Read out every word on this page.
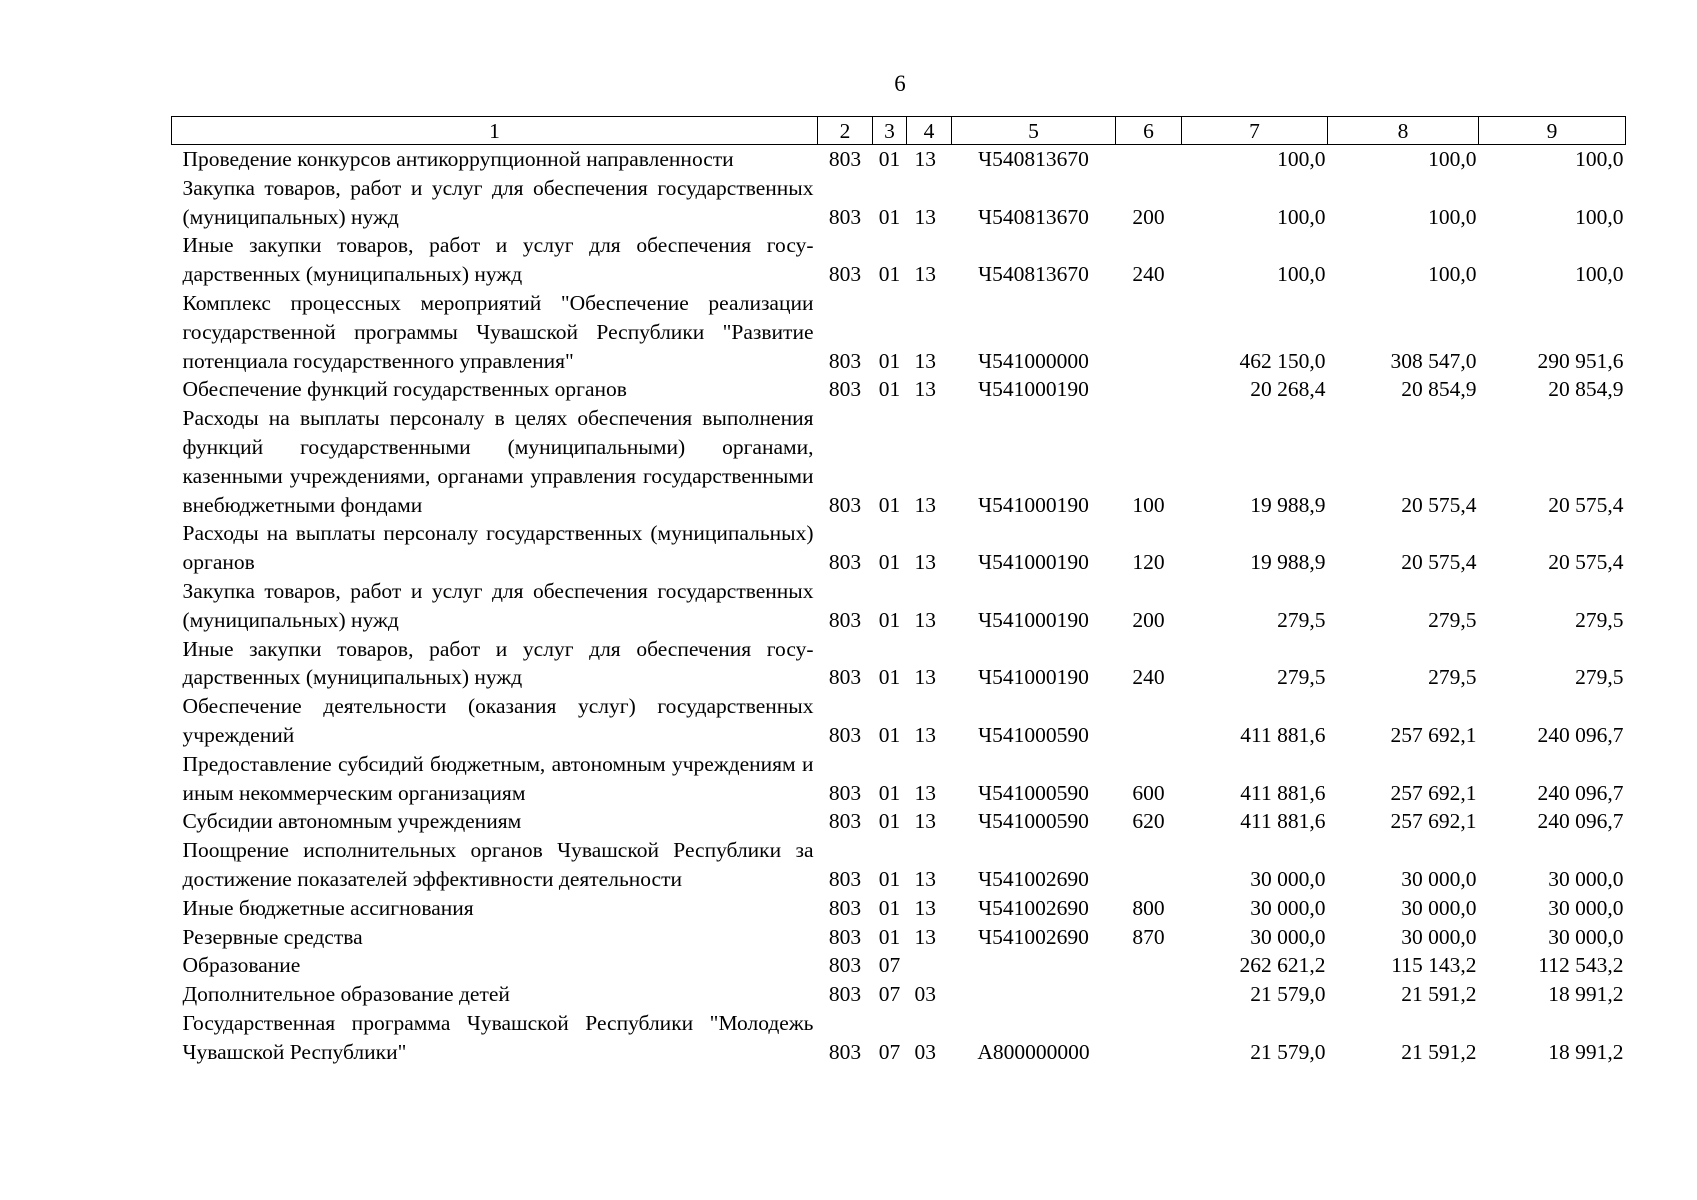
6
1	2	3	4	5	6	7	8	9
Проведение конкурсов антикоррупционной направленности	803	01	13	Ч540813670		100,0	100,0	100,0
Закупка товаров, работ и услуг для обеспечения государственных (муниципальных) нужд	803	01	13	Ч540813670	200	100,0	100,0	100,0
Иные закупки товаров, работ и услуг для обеспечения государственных (муниципальных) нужд	803	01	13	Ч540813670	240	100,0	100,0	100,0
Комплекс процессных мероприятий "Обеспечение реализации государственной программы Чувашской Республики "Развитие потенциала государственного управления"	803	01	13	Ч541000000		462 150,0	308 547,0	290 951,6
Обеспечение функций государственных органов	803	01	13	Ч541000190		20 268,4	20 854,9	20 854,9
Расходы на выплаты персоналу в целях обеспечения выполнения функций государственными (муниципальными) органами, казенными учреждениями, органами управления государственными внебюджетными фондами	803	01	13	Ч541000190	100	19 988,9	20 575,4	20 575,4
Расходы на выплаты персоналу государственных (муниципальных) органов	803	01	13	Ч541000190	120	19 988,9	20 575,4	20 575,4
Закупка товаров, работ и услуг для обеспечения государственных (муниципальных) нужд	803	01	13	Ч541000190	200	279,5	279,5	279,5
Иные закупки товаров, работ и услуг для обеспечения государственных (муниципальных) нужд	803	01	13	Ч541000190	240	279,5	279,5	279,5
Обеспечение деятельности (оказания услуг) государственных учреждений	803	01	13	Ч541000590		411 881,6	257 692,1	240 096,7
Предоставление субсидий бюджетным, автономным учреждениям и иным некоммерческим организациям	803	01	13	Ч541000590	600	411 881,6	257 692,1	240 096,7
Субсидии автономным учреждениям	803	01	13	Ч541000590	620	411 881,6	257 692,1	240 096,7
Поощрение исполнительных органов Чувашской Республики за достижение показателей эффективности деятельности	803	01	13	Ч541002690		30 000,0	30 000,0	30 000,0
Иные бюджетные ассигнования	803	01	13	Ч541002690	800	30 000,0	30 000,0	30 000,0
Резервные средства	803	01	13	Ч541002690	870	30 000,0	30 000,0	30 000,0
Образование	803	07				262 621,2	115 143,2	112 543,2
Дополнительное образование детей	803	07	03			21 579,0	21 591,2	18 991,2
Государственная программа Чувашской Республики "Молодежь Чувашской Республики"	803	07	03	А800000000		21 579,0	21 591,2	18 991,2
